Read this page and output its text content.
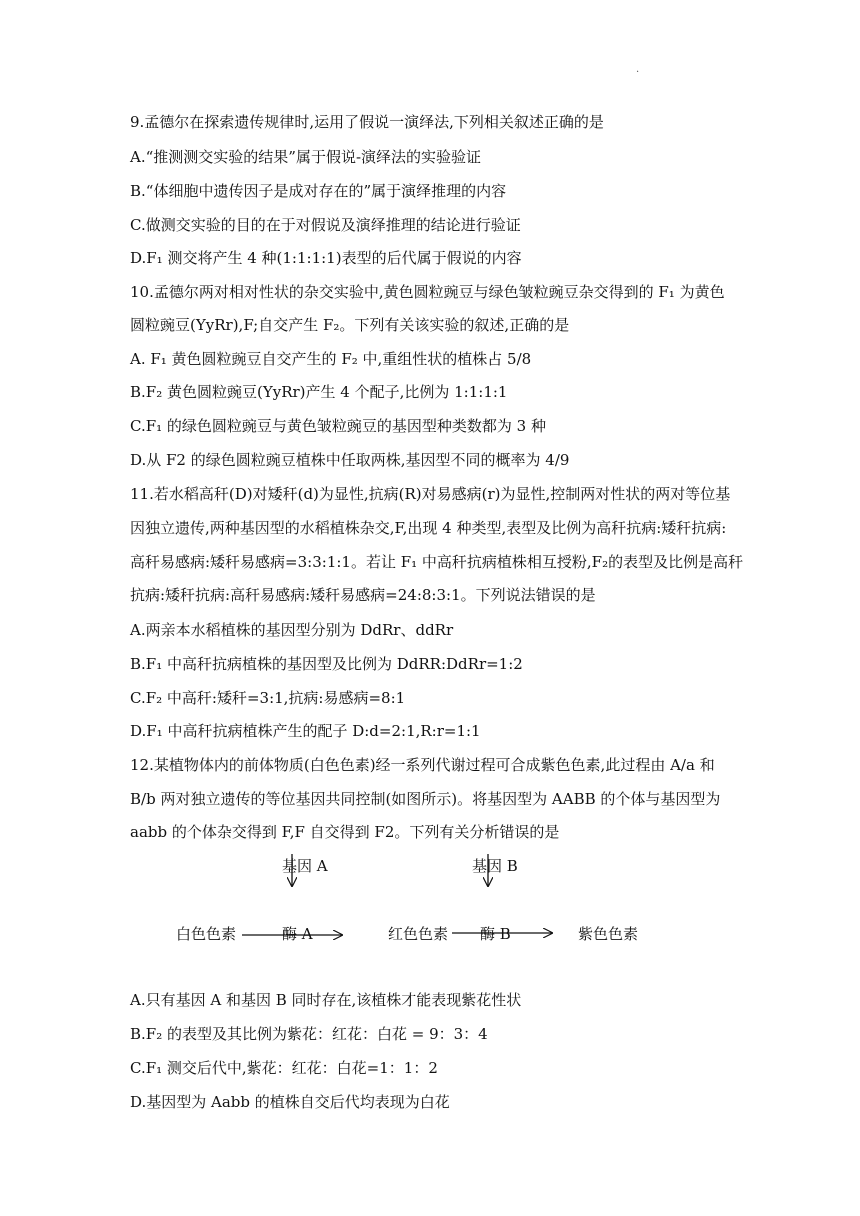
.
9.孟德尔在探索遗传规律时,运用了假说一演绎法,下列相关叙述正确的是
A.“推测测交实验的结果”属于假说-演绎法的实验验证
B.“体细胞中遗传因子是成对存在的”属于演绎推理的内容
C.做测交实验的目的在于对假说及演绎推理的结论进行验证
D.F₁ 测交将产生 4 种(1:1:1:1)表型的后代属于假说的内容
10.孟德尔两对相对性状的杂交实验中,黄色圆粒豌豆与绿色皱粒豌豆杂交得到的 F₁ 为黄色
圆粒豌豆(YyRr),F;自交产生 F₂。下列有关该实验的叙述,正确的是
A. F₁ 黄色圆粒豌豆自交产生的 F₂ 中,重组性状的植株占 5/8
B.F₂ 黄色圆粒豌豆(YyRr)产生 4 个配子,比例为 1:1:1:1
C.F₁ 的绿色圆粒豌豆与黄色皱粒豌豆的基因型种类数都为 3 种
D.从 F2 的绿色圆粒豌豆植株中任取两株,基因型不同的概率为 4/9
11.若水稻高秆(D)对矮秆(d)为显性,抗病(R)对易感病(r)为显性,控制两对性状的两对等位基
因独立遗传,两种基因型的水稻植株杂交,F,出现 4 种类型,表型及比例为高秆抗病:矮秆抗病:
高秆易感病:矮秆易感病=3:3:1:1。若让 F₁ 中高秆抗病植株相互授粉,F₂的表型及比例是高秆
抗病:矮秆抗病:高秆易感病:矮秆易感病=24:8:3:1。下列说法错误的是
A.两亲本水稻植株的基因型分别为 DdRr、ddRr
B.F₁ 中高秆抗病植株的基因型及比例为 DdRR:DdRr=1:2
C.F₂ 中高秆:矮秆=3:1,抗病:易感病=8:1
D.F₁ 中高秆抗病植株产生的配子 D:d=2:1,R:r=1:1
12.某植物体内的前体物质(白色色素)经一系列代谢过程可合成紫色色素,此过程由 A/a 和
B/b 两对独立遗传的等位基因共同控制(如图所示)。将基因型为 AABB 的个体与基因型为
aabb 的个体杂交得到 F,F 自交得到 F2。下列有关分析错误的是
基因 A	基因 B
白色色素	酶 A	红色色素 酶 B	紫色色素
A.只有基因 A 和基因 B 同时存在,该植株才能表现紫花性状
B.F₂ 的表型及其比例为紫花：红花：白花 = 9：3：4
C.F₁ 测交后代中,紫花：红花：白花=1：1：2
D.基因型为 Aabb 的植株自交后代均表现为白花
